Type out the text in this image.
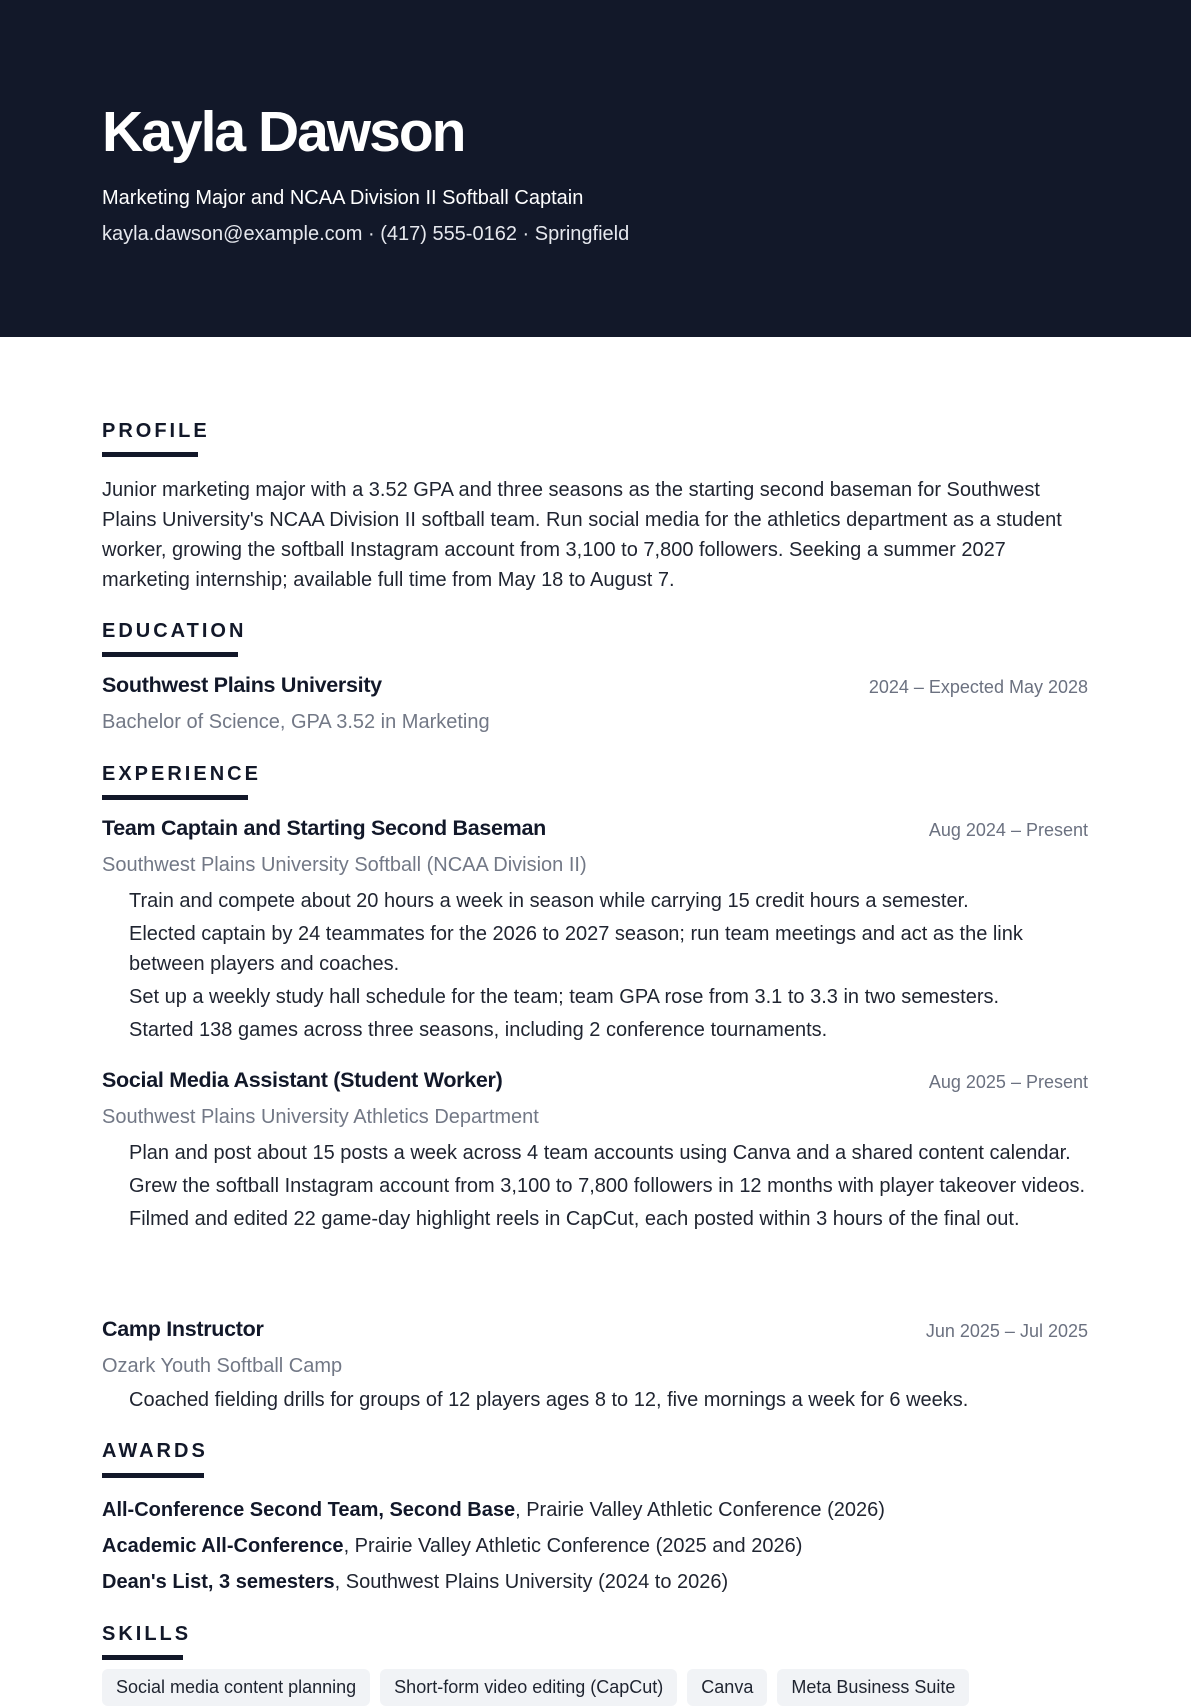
Kayla Dawson
Marketing Major and NCAA Division II Softball Captain
kayla.dawson@example.com · (417) 555-0162 · Springfield
PROFILE

Junior marketing major with a 3.52 GPA and three seasons as the starting second baseman for Southwest Plains University's NCAA Division II softball team. Run social media for the athletics department as a student worker, growing the softball Instagram account from 3,100 to 7,800 followers. Seeking a summer 2027 marketing internship; available full time from May 18 to August 7.

EDUCATION
Southwest Plains University	2024 – Expected May 2028
Bachelor of Science, GPA 3.52 in Marketing
EXPERIENCE
Team Captain and Starting Second Baseman	Aug 2024 – Present
Southwest Plains University Softball (NCAA Division II)
Train and compete about 20 hours a week in season while carrying 15 credit hours a semester.
Elected captain by 24 teammates for the 2026 to 2027 season; run team meetings and act as the link between players and coaches.
Set up a weekly study hall schedule for the team; team GPA rose from 3.1 to 3.3 in two semesters.
Started 138 games across three seasons, including 2 conference tournaments.
Social Media Assistant (Student Worker)	Aug 2025 – Present
Southwest Plains University Athletics Department
Plan and post about 15 posts a week across 4 team accounts using Canva and a shared content calendar.
Grew the softball Instagram account from 3,100 to 7,800 followers in 12 months with player takeover videos.
Filmed and edited 22 game-day highlight reels in CapCut, each posted within 3 hours of the final out.
Camp Instructor	Jun 2025 – Jul 2025
Ozark Youth Softball Camp
Coached fielding drills for groups of 12 players ages 8 to 12, five mornings a week for 6 weeks.
AWARDS
All-Conference Second Team, Second Base, Prairie Valley Athletic Conference (2026)
Academic All-Conference, Prairie Valley Athletic Conference (2025 and 2026)
Dean's List, 3 semesters, Southwest Plains University (2024 to 2026)
SKILLS
Social media content planning	Short-form video editing (CapCut)	Canva	Meta Business Suite
